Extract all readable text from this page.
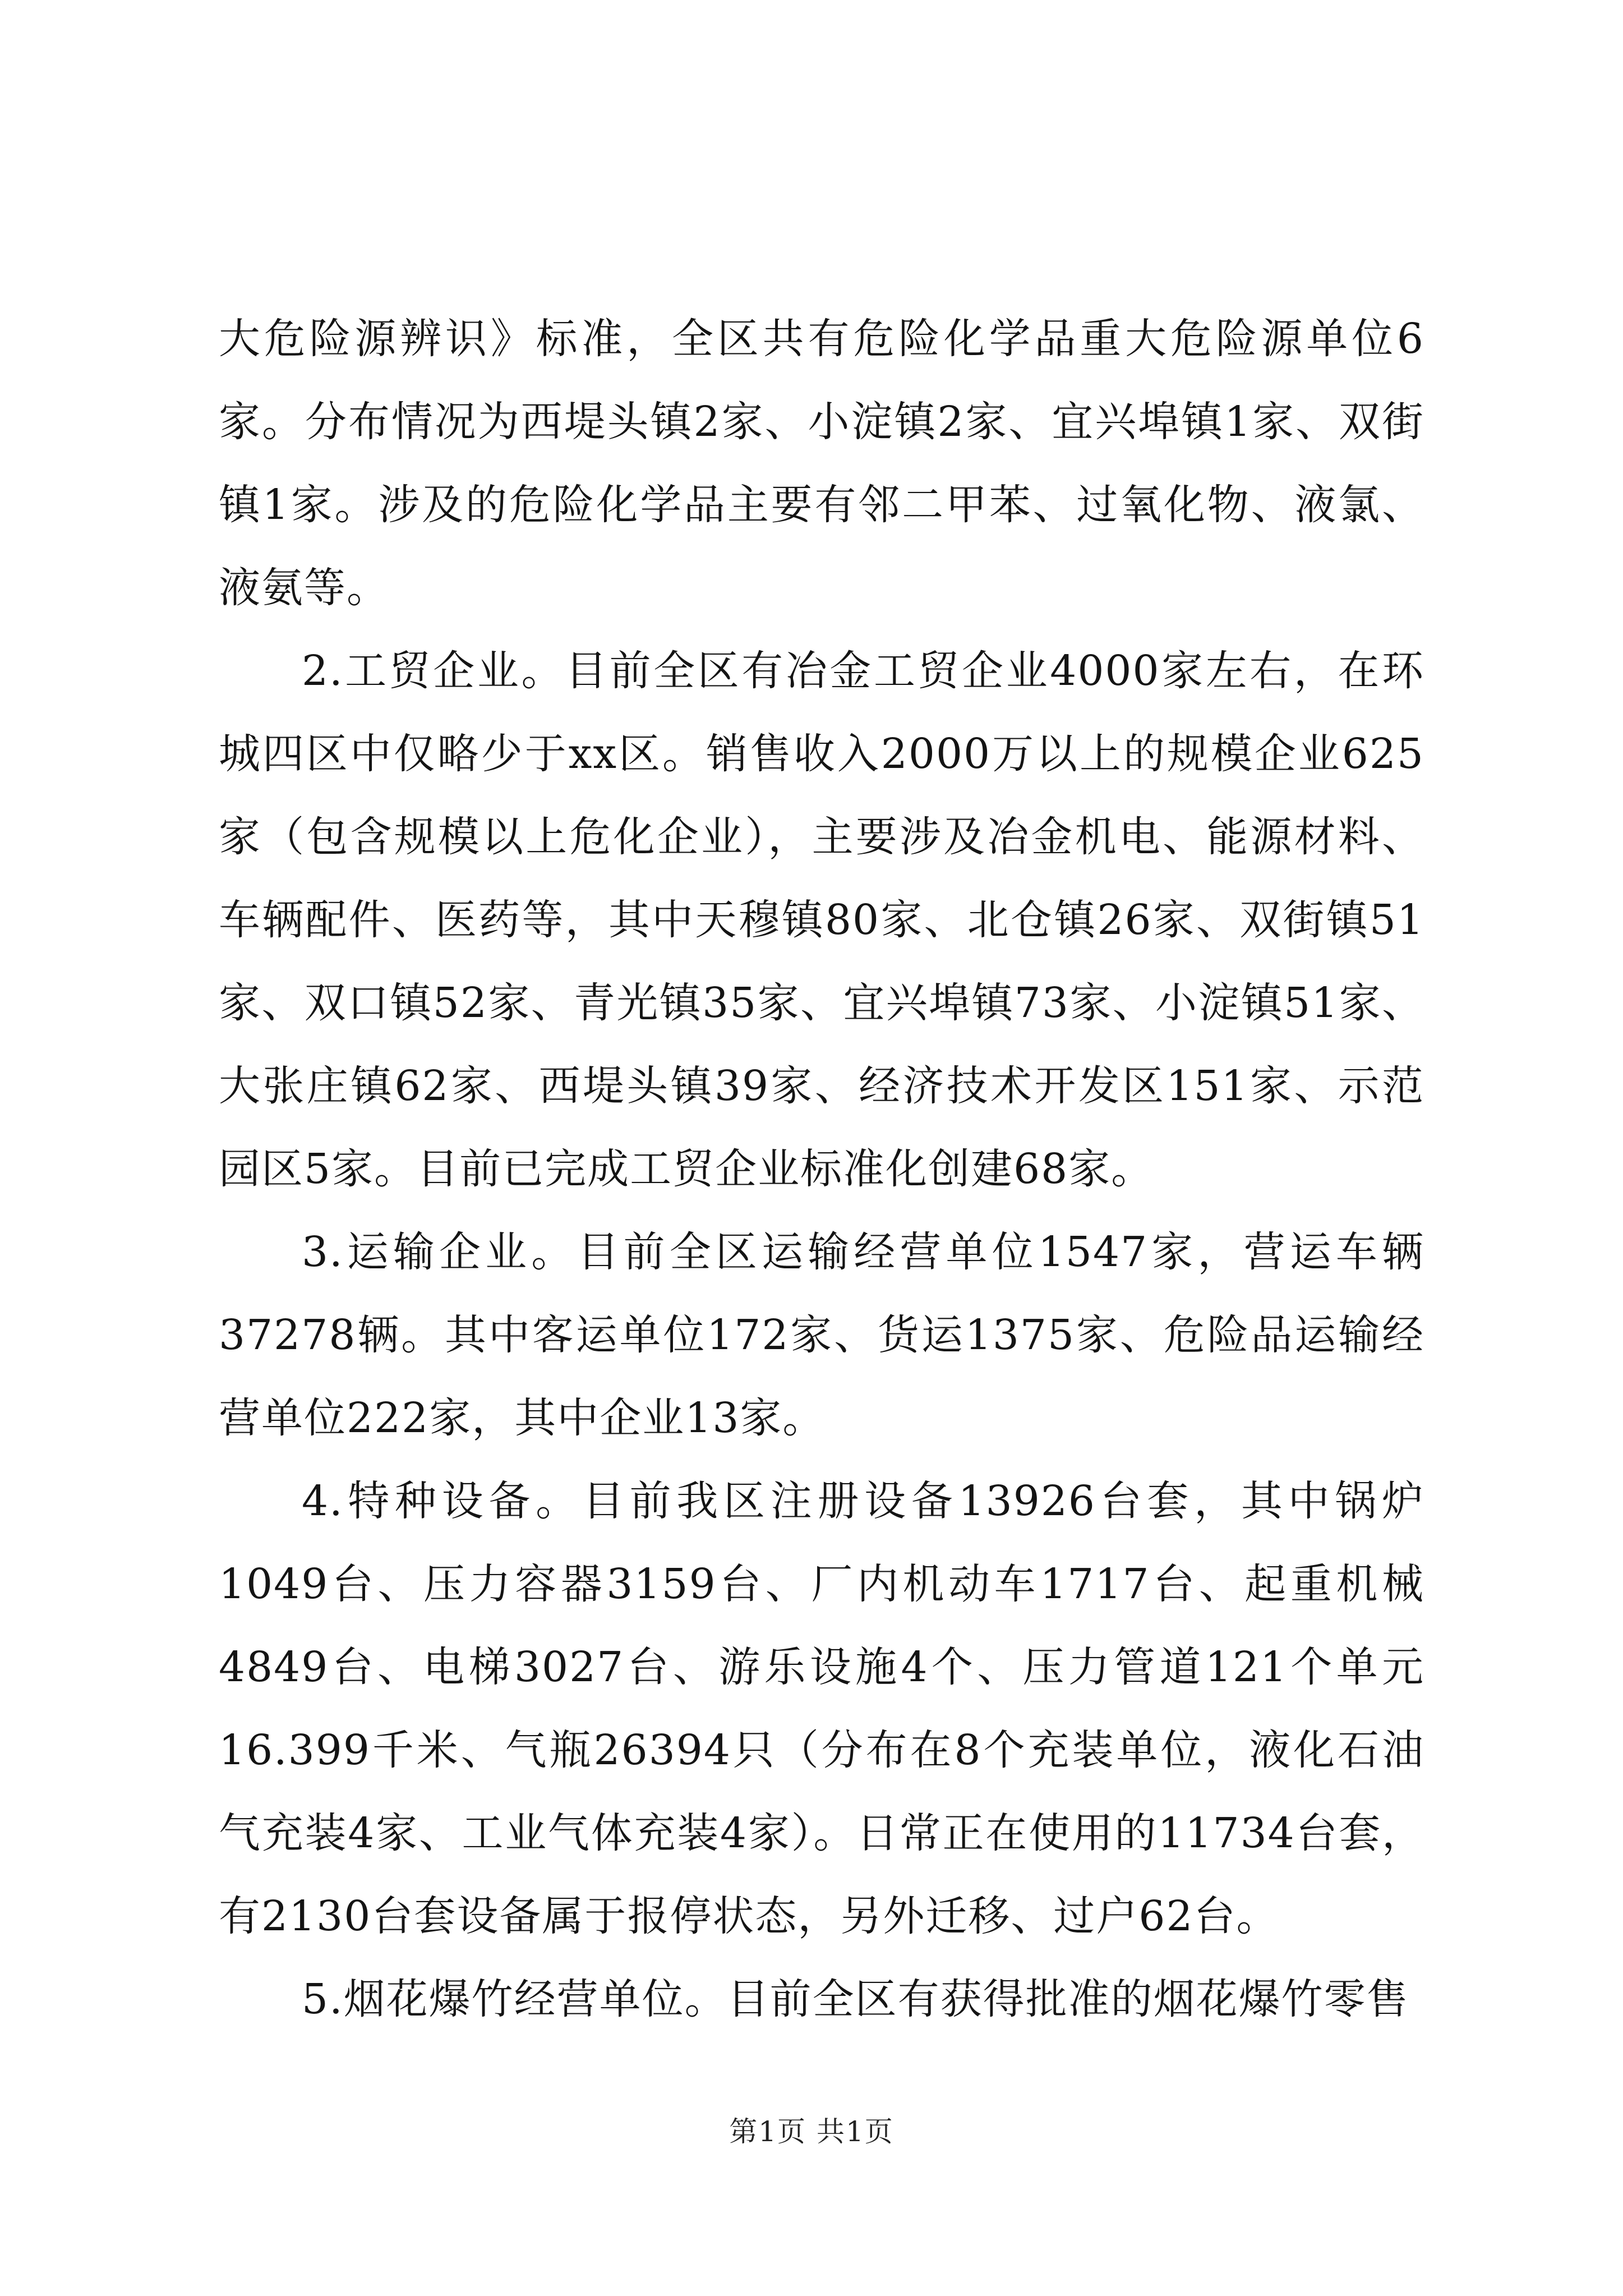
大危险源辨识》标准，全区共有危险化学品重大危险源单位6家。分布情况为西堤头镇2家、小淀镇2家、宜兴埠镇1家、双街镇1家。涉及的危险化学品主要有邻二甲苯、过氧化物、液氯、液氨等。

2.工贸企业。目前全区有冶金工贸企业4000家左右，在环城四区中仅略少于xx区。销售收入2000万以上的规模企业625家（包含规模以上危化企业），主要涉及冶金机电、能源材料、车辆配件、医药等，其中天穆镇80家、北仓镇26家、双街镇51家、双口镇52家、青光镇35家、宜兴埠镇73家、小淀镇51家、大张庄镇62家、西堤头镇39家、经济技术开发区151家、示范园区5家。目前已完成工贸企业标准化创建68家。

3.运输企业。目前全区运输经营单位1547家，营运车辆37278辆。其中客运单位172家、货运1375家、危险品运输经营单位222家，其中企业13家。

4.特种设备。目前我区注册设备13926台套，其中锅炉1049台、压力容器3159台、厂内机动车1717台、起重机械4849台、电梯3027台、游乐设施4个、压力管道121个单元16.399千米、气瓶26394只（分布在8个充装单位，液化石油气充装4家、工业气体充装4家）。日常正在使用的11734台套，有2130台套设备属于报停状态，另外迁移、过户62台。

5.烟花爆竹经营单位。目前全区有获得批准的烟花爆竹零售

第1页 共1页
